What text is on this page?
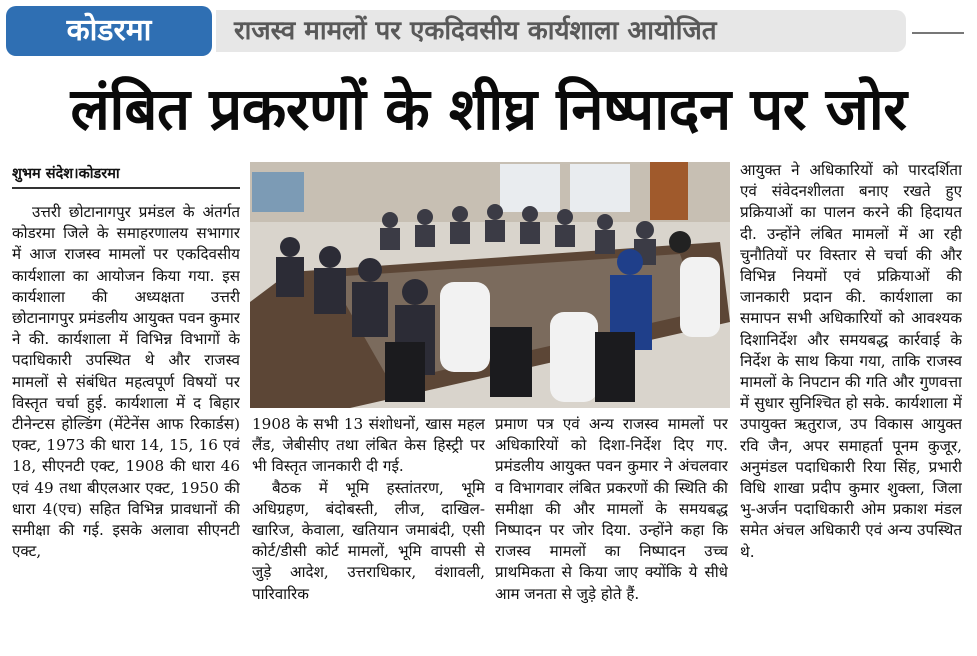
कोडरमा	राजस्व मामलों पर एकदिवसीय कार्यशाला आयोजित
लंबित प्रकरणों के शीघ्र निष्पादन पर जोर
शुभम संदेश।कोडरमा

उत्तरी छोटानागपुर प्रमंडल के अंतर्गत कोडरमा जिले के समाहरणालय सभागार में आज राजस्व मामलों पर एकदिवसीय कार्यशाला का आयोजन किया गया. इस कार्यशाला की अध्यक्षता उत्तरी छोटानागपुर प्रमंडलीय आयुक्त पवन कुमार ने की. कार्यशाला में विभिन्न विभागों के पदाधिकारी उपस्थित थे और राजस्व मामलों से संबंधित महत्वपूर्ण विषयों पर विस्तृत चर्चा हुई. कार्यशाला में द बिहार टीनेन्टस होल्डिंग (मेंटेनेंस आफ रिकार्डस) एक्ट, 1973 की धारा 14, 15, 16 एवं 18, सीएनटी एक्ट, 1908 की धारा 46 एवं 49 तथा बीएलआर एक्ट, 1950 की धारा 4(एच) सहित विभिन्न प्रावधानों की समीक्षा की गई. इसके अलावा सीएनटी एक्ट,

1908 के सभी 13 संशोधनों, खास महल लैंड, जेबीसीए तथा लंबित केस हिस्ट्री पर भी विस्तृत जानकारी दी गई.

बैठक में भूमि हस्तांतरण, भूमि अधिग्रहण, बंदोबस्ती, लीज, दाखिल-खारिज, केवाला, खतियान जमाबंदी, एसी कोर्ट/डीसी कोर्ट मामलों, भूमि वापसी से जुड़े आदेश, उत्तराधिकार, वंशावली, पारिवारिक

प्रमाण पत्र एवं अन्य राजस्व मामलों पर अधिकारियों को दिशा-निर्देश दिए गए. प्रमंडलीय आयुक्त पवन कुमार ने अंचलवार व विभागवार लंबित प्रकरणों की स्थिति की समीक्षा की और मामलों के समयबद्ध निष्पादन पर जोर दिया. उन्होंने कहा कि राजस्व मामलों का निष्पादन उच्च प्राथमिकता से किया जाए क्योंकि ये सीधे आम जनता से जुड़े होते हैं.

आयुक्त ने अधिकारियों को पारदर्शिता एवं संवेदनशीलता बनाए रखते हुए प्रक्रियाओं का पालन करने की हिदायत दी. उन्होंने लंबित मामलों में आ रही चुनौतियों पर विस्तार से चर्चा की और विभिन्न नियमों एवं प्रक्रियाओं की जानकारी प्रदान की. कार्यशाला का समापन सभी अधिकारियों को आवश्यक दिशानिर्देश और समयबद्ध कार्रवाई के निर्देश के साथ किया गया, ताकि राजस्व मामलों के निपटान की गति और गुणवत्ता में सुधार सुनिश्चित हो सके. कार्यशाला में उपायुक्त ऋतुराज, उप विकास आयुक्त रवि जैन, अपर समाहर्ता पूनम कुजूर, अनुमंडल पदाधिकारी रिया सिंह, प्रभारी विधि शाखा प्रदीप कुमार शुक्ला, जिला भु-अर्जन पदाधिकारी ओम प्रकाश मंडल समेत अंचल अधिकारी एवं अन्य उपस्थित थे.
